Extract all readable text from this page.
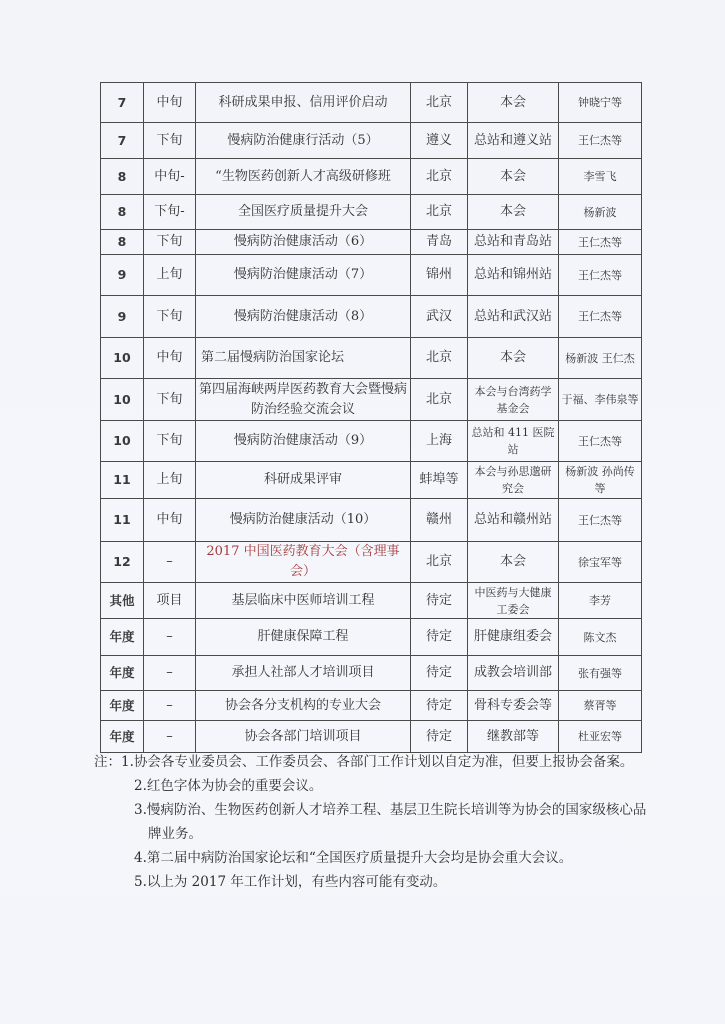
7	中旬	科研成果申报、信用评价启动	北京	本会	钟晓宁等
7	下旬	慢病防治健康行活动（5）	遵义	总站和遵义站	王仁杰等
8	中旬-	“生物医药创新人才高级研修班	北京	本会	李雪飞
8	下旬-	全国医疗质量提升大会	北京	本会	杨新波
8	下旬	慢病防治健康活动（6）	青岛	总站和青岛站	王仁杰等
9	上旬	慢病防治健康活动（7）	锦州	总站和锦州站	王仁杰等
9	下旬	慢病防治健康活动（8）	武汉	总站和武汉站	王仁杰等
10	中旬	第二届慢病防治国家论坛	北京	本会	杨新波 王仁杰
10	下旬	第四届海峡两岸医药教育大会暨慢病防治经验交流会议	北京	本会与台湾药学基金会	于福、李伟泉等
10	下旬	慢病防治健康活动（9）	上海	总站和 411 医院站	王仁杰等
11	上旬	科研成果评审	蚌埠等	本会与孙思邈研究会	杨新波 孙尚传等
11	中旬	慢病防治健康活动（10）	赣州	总站和赣州站	王仁杰等
12	–	2017 中国医药教育大会（含理事会）	北京	本会	徐宝军等
其他	项目	基层临床中医师培训工程	待定	中医药与大健康工委会	李芳
年度	–	肝健康保障工程	待定	肝健康组委会	陈文杰
年度	–	承担人社部人才培训项目	待定	成教会培训部	张有强等
年度	–	协会各分支机构的专业大会	待定	骨科专委会等	蔡胥等
年度	–	协会各部门培训项目	待定	继教部等	杜亚宏等
注：1.协会各专业委员会、工作委员会、各部门工作计划以自定为准，但要上报协会备案。
2.红色字体为协会的重要会议。
3.慢病防治、生物医药创新人才培养工程、基层卫生院长培训等为协会的国家级核心品
牌业务。
4.第二届中病防治国家论坛和“全国医疗质量提升大会均是协会重大会议。
5.以上为 2017 年工作计划，有些内容可能有变动。
